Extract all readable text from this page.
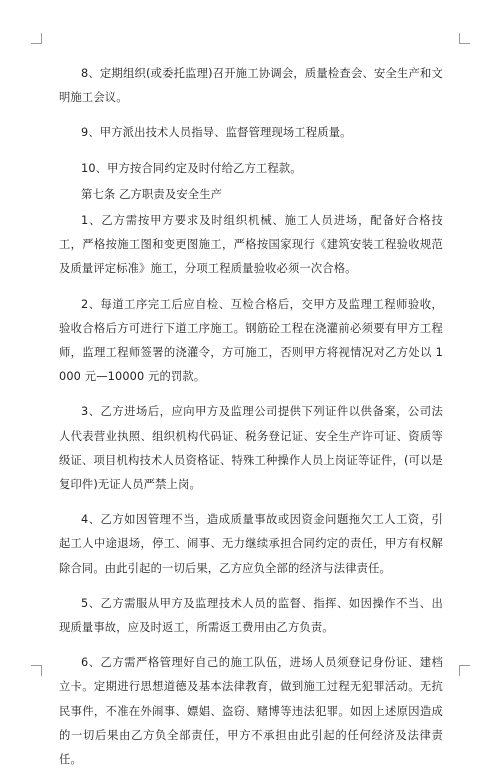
8、定期组织(或委托监理)召开施工协调会，质量检查会、安全生产和文明施工会议。

9、甲方派出技术人员指导、监督管理现场工程质量。

10、甲方按合同约定及时付给乙方工程款。

第七条 乙方职责及安全生产

1、乙方需按甲方要求及时组织机械、施工人员进场，配备好合格技工，严格按施工图和变更图施工，严格按国家现行《建筑安装工程验收规范及质量评定标准》施工，分项工程质量验收必须一次合格。

2、每道工序完工后应自检、互检合格后，交甲方及监理工程师验收，验收合格后方可进行下道工序施工。钢筋砼工程在浇灌前必须要有甲方工程师，监理工程师签署的浇灌令，方可施工，否则甲方将视情况对乙方处以 1000 元—10000 元的罚款。

3、乙方进场后，应向甲方及监理公司提供下列证件以供备案，公司法人代表营业执照、组织机构代码证、税务登记证、安全生产许可证、资质等级证、项目机构技术人员资格证、特殊工种操作人员上岗证等证件，(可以是复印件)无证人员严禁上岗。

4、乙方如因管理不当，造成质量事故或因资金问题拖欠工人工资，引起工人中途退场，停工、闹事、无力继续承担合同约定的责任，甲方有权解除合同。由此引起的一切后果，乙方应负全部的经济与法律责任。

5、乙方需服从甲方及监理技术人员的监督、指挥、如因操作不当、出现质量事故，应及时返工，所需返工费用由乙方负责。

6、乙方需严格管理好自己的施工队伍，进场人员须登记身份证、建档立卡。定期进行思想道德及基本法律教育，做到施工过程无犯罪活动。无抗民事件，不准在外闹事、嫖娼、盗窃、赌博等违法犯罪。如因上述原因造成的一切后果由乙方负全部责任，甲方不承担由此引起的任何经济及法律责任。
